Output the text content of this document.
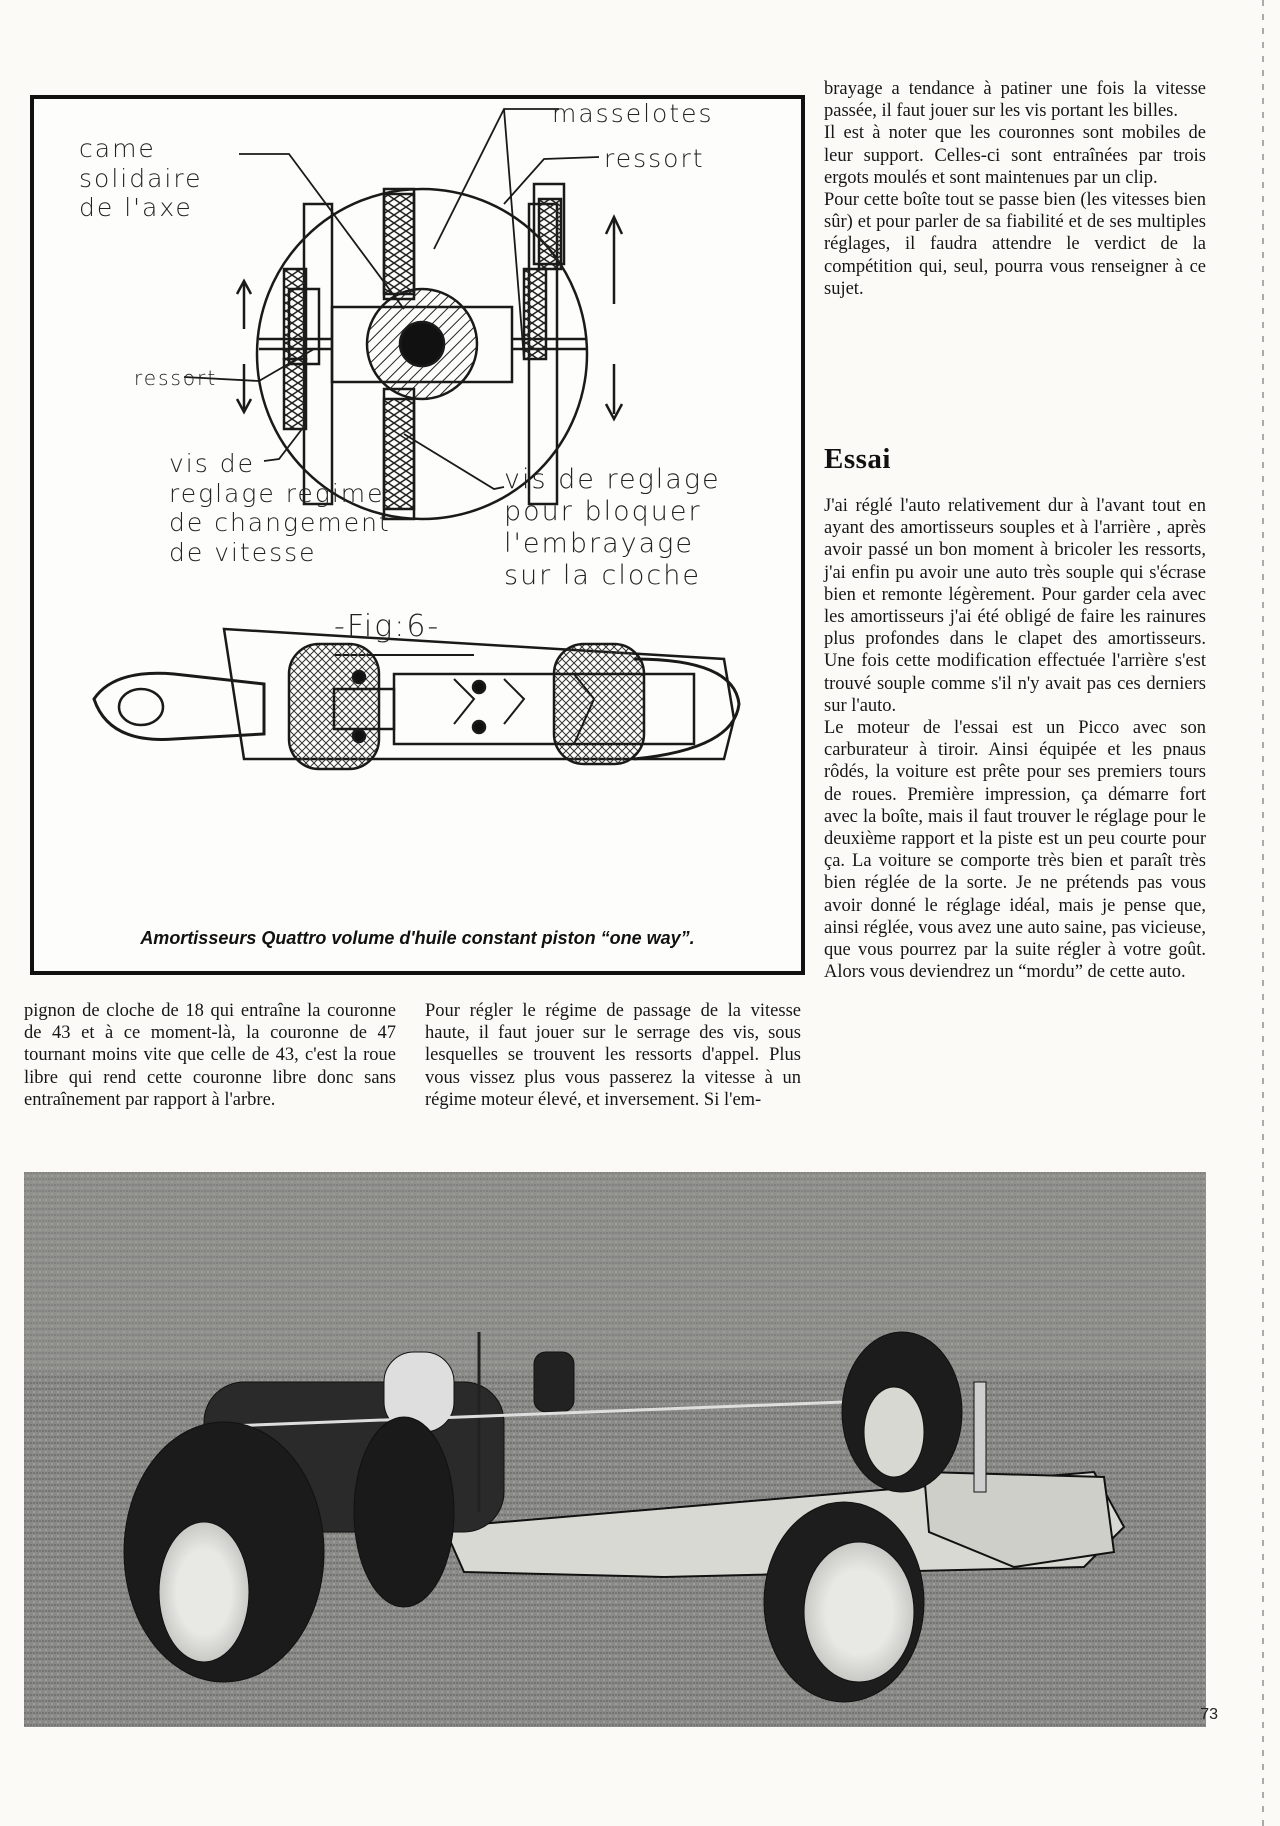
came
solidaire
de l'axe
masselotes
ressort
ressort
vis de
reglage regime
de changement
de vitesse
vis de reglage
pour bloquer
l'embrayage
sur la cloche
-Fig:6-
Amortisseurs Quattro volume d'huile constant piston “one way”.

pignon de cloche de 18 qui entraîne la couronne de 43 et à ce moment-là, la couronne de 47 tournant moins vite que celle de 43, c'est la roue libre qui rend cette couronne libre donc sans entraînement par rapport à l'arbre.

Pour régler le régime de passage de la vitesse haute, il faut jouer sur le serrage des vis, sous lesquelles se trouvent les ressorts d'appel. Plus vous vissez plus vous passerez la vitesse à un régime moteur élevé, et inversement. Si l'em-

brayage a tendance à patiner une fois la vitesse passée, il faut jouer sur les vis portant les billes.

Il est à noter que les couronnes sont mobiles de leur support. Celles-ci sont entraînées par trois ergots moulés et sont maintenues par un clip.

Pour cette boîte tout se passe bien (les vitesses bien sûr) et pour parler de sa fiabilité et de ses multiples réglages, il faudra attendre le verdict de la compétition qui, seul, pourra vous renseigner à ce sujet.

Essai

J'ai réglé l'auto relativement dur à l'avant tout en ayant des amortisseurs souples et à l'arrière , après avoir passé un bon moment à bricoler les ressorts, j'ai enfin pu avoir une auto très souple qui s'écrase bien et remonte légèrement. Pour garder cela avec les amortisseurs j'ai été obligé de faire les rainures plus profondes dans le clapet des amortisseurs. Une fois cette modification effectuée l'arrière s'est trouvé souple comme s'il n'y avait pas ces derniers sur l'auto.

Le moteur de l'essai est un Picco avec son carburateur à tiroir. Ainsi équipée et les pnaus rôdés, la voiture est prête pour ses premiers tours de roues. Première impression, ça démarre fort avec la boîte, mais il faut trouver le réglage pour le deuxième rapport et la piste est un peu courte pour ça. La voiture se comporte très bien et paraît très bien réglée de la sorte. Je ne prétends pas vous avoir donné le réglage idéal, mais je pense que, ainsi réglée, vous avez une auto saine, pas vicieuse, que vous pourrez par la suite régler à votre goût. Alors vous deviendrez un “mordu” de cette auto.

73
